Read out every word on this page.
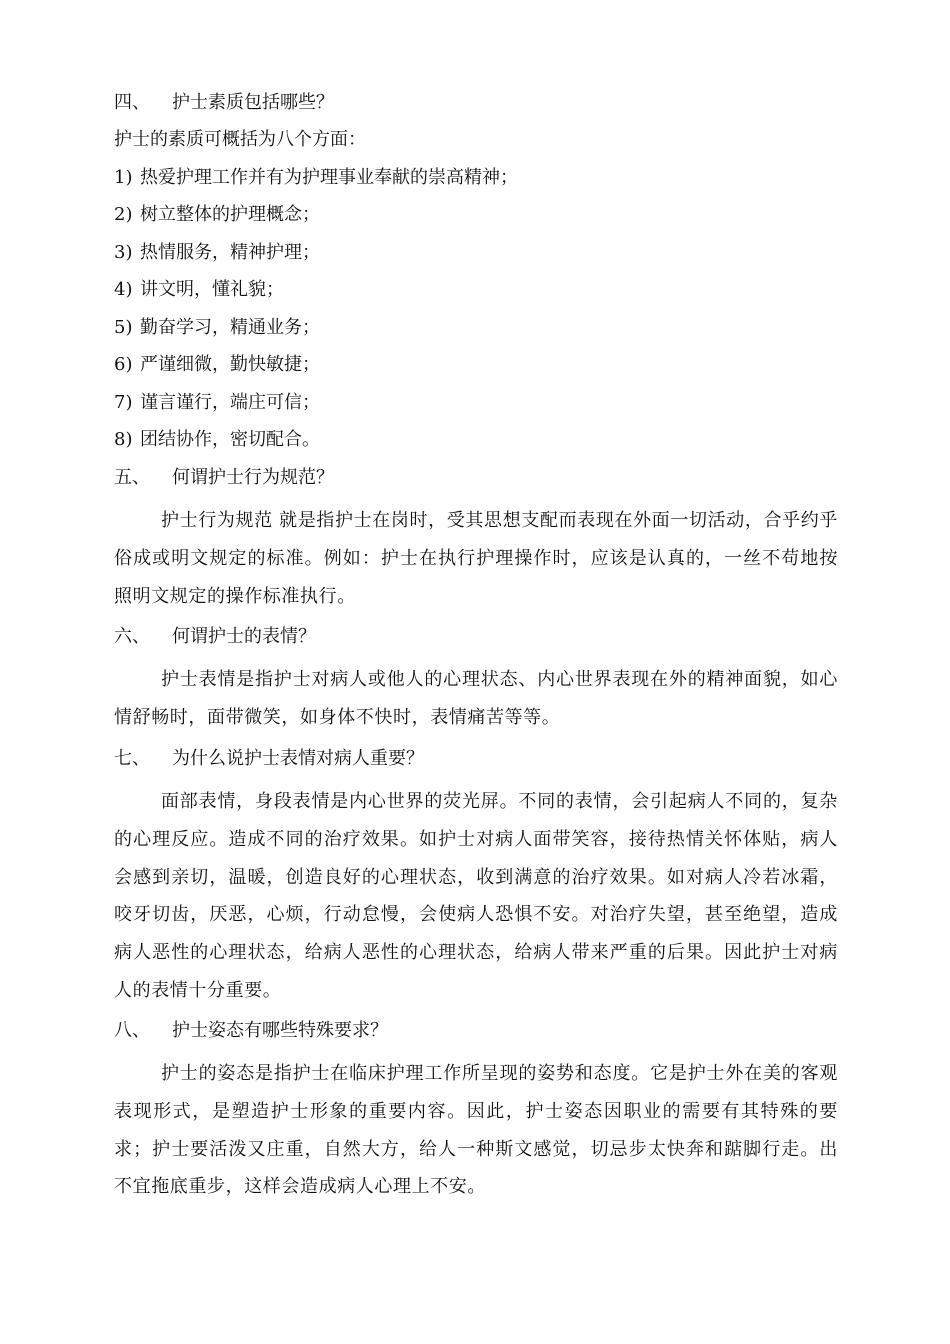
四、 护士素质包括哪些？
护士的素质可概括为八个方面：
1) 热爱护理工作并有为护理事业奉献的崇高精神；
2) 树立整体的护理概念；
3) 热情服务，精神护理；
4) 讲文明，懂礼貌；
5) 勤奋学习，精通业务；
6) 严谨细微，勤快敏捷；
7) 谨言谨行，端庄可信；
8) 团结协作，密切配合。
五、 何谓护士行为规范？
护士行为规范 就是指护士在岗时，受其思想支配而表现在外面一切活动，合乎约乎俗成或明文规定的标准。例如：护士在执行护理操作时，应该是认真的，一丝不苟地按照明文规定的操作标准执行。
六、 何谓护士的表情？
护士表情是指护士对病人或他人的心理状态、内心世界表现在外的精神面貌，如心情舒畅时，面带微笑，如身体不快时，表情痛苦等等。
七、 为什么说护士表情对病人重要？
面部表情，身段表情是内心世界的荧光屏。不同的表情，会引起病人不同的，复杂的心理反应。造成不同的治疗效果。如护士对病人面带笑容，接待热情关怀体贴，病人会感到亲切，温暖，创造良好的心理状态，收到满意的治疗效果。如对病人冷若冰霜，咬牙切齿，厌恶，心烦，行动怠慢，会使病人恐惧不安。对治疗失望，甚至绝望，造成病人恶性的心理状态，给病人恶性的心理状态，给病人带来严重的后果。因此护士对病人的表情十分重要。
八、 护士姿态有哪些特殊要求？
护士的姿态是指护士在临床护理工作所呈现的姿势和态度。它是护士外在美的客观表现形式，是塑造护士形象的重要内容。因此，护士姿态因职业的需要有其特殊的要求；护士要活泼又庄重，自然大方，给人一种斯文感觉，切忌步太快奔和踮脚行走。出不宜拖底重步，这样会造成病人心理上不安。
